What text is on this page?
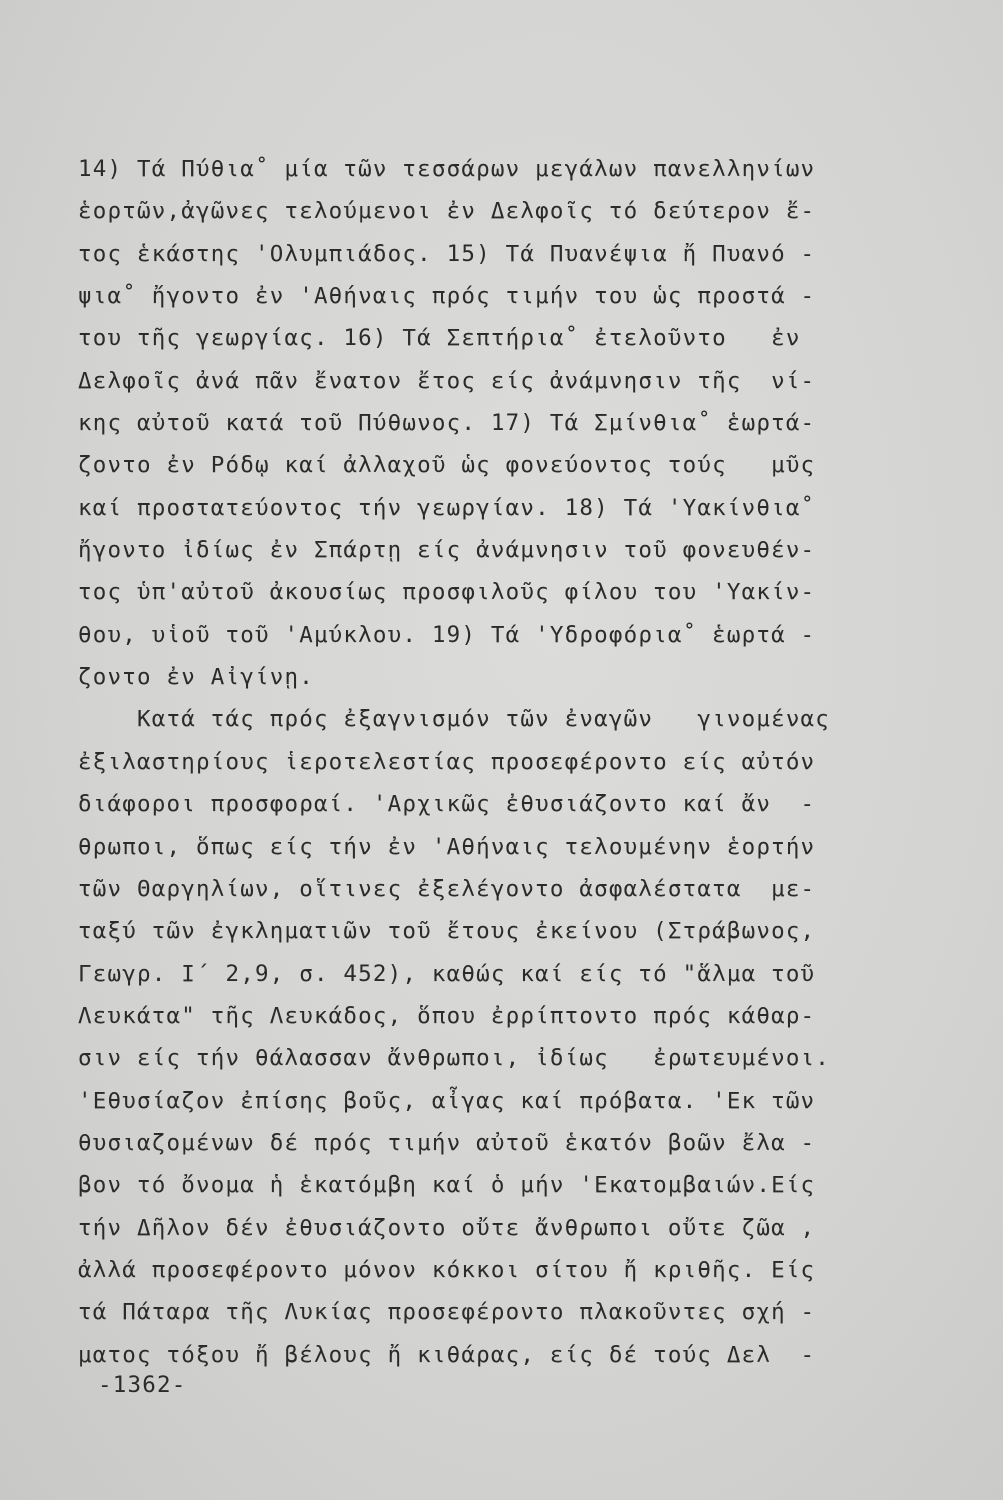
14) Τά Πύθια˚ μία τῶν τεσσάρων μεγάλων πανελληνίων
ἑορτῶν,ἀγῶνες τελούμενοι ἐν Δελφοῖς τό δεύτερον ἔ-
τος ἑκάστης 'Ολυμπιάδος. 15) Τά Πυανέψια ἤ Πυανό -
ψια˚ ἤγοντο ἐν 'Αθήναις πρός τιμήν του ὡς προστά -
του τῆς γεωργίας. 16) Τά Σεπτήρια˚ ἐτελοῦντο   ἐν
Δελφοῖς ἀνά πᾶν ἔνατον ἔτος είς ἀνάμνησιν τῆς  νί-
κης αὐτοῦ κατά τοῦ Πύθωνος. 17) Τά Σμίνθια˚ ἑωρτά-
ζοντο ἐν Ρόδῳ καί ἀλλαχοῦ ὡς φονεύοντος τούς   μῦς
καί προστατεύοντος τήν γεωργίαν. 18) Τά 'Υακίνθια˚
ἤγοντο ἰδίως ἐν Σπάρτῃ είς ἀνάμνησιν τοῦ φονευθέν-
τος ὑπ'αὐτοῦ ἀκουσίως προσφιλοῦς φίλου του 'Υακίν-
θου, υἱοῦ τοῦ 'Αμύκλου. 19) Τά 'Υδροφόρια˚ ἑωρτά -
ζοντο ἐν Αἰγίνῃ.
Κατά τάς πρός ἐξαγνισμόν τῶν ἐναγῶν   γινομένας
ἐξιλαστηρίους ἱεροτελεστίας προσεφέροντο είς αὐτόν
διάφοροι προσφοραί. 'Αρχικῶς ἐθυσιάζοντο καί ἄν  -
θρωποι, ὅπως είς τήν ἐν 'Αθήναις τελουμένην ἑορτήν
τῶν Θαργηλίων, οἵτινες ἐξελέγοντο ἀσφαλέστατα  με-
ταξύ τῶν ἐγκληματιῶν τοῦ ἔτους ἐκείνου (Στράβωνος,
Γεωγρ. Ι΄ 2,9, σ. 452), καθώς καί είς τό "ἅλμα τοῦ
Λευκάτα" τῆς Λευκάδος, ὅπου ἐρρίπτοντο πρός κάθαρ-
σιν είς τήν θάλασσαν ἄνθρωποι, ἰδίως   ἐρωτευμένοι.
'Εθυσίαζον ἐπίσης βοῦς, αἶγας καί πρόβατα. 'Εκ τῶν
θυσιαζομένων δέ πρός τιμήν αὐτοῦ ἑκατόν βοῶν ἔλα -
βον τό ὄνομα ἡ ἑκατόμβη καί ὁ μήν 'Εκατομβαιών.Είς
τήν Δῆλον δέν ἐθυσιάζοντο οὔτε ἄνθρωποι οὔτε ζῶα ,
ἀλλά προσεφέροντο μόνον κόκκοι σίτου ἤ κριθῆς. Είς
τά Πάταρα τῆς Λυκίας προσεφέροντο πλακοῦντες σχή -
ματος τόξου ἤ βέλους ἤ κιθάρας, είς δέ τούς Δελ  -
-1362-
